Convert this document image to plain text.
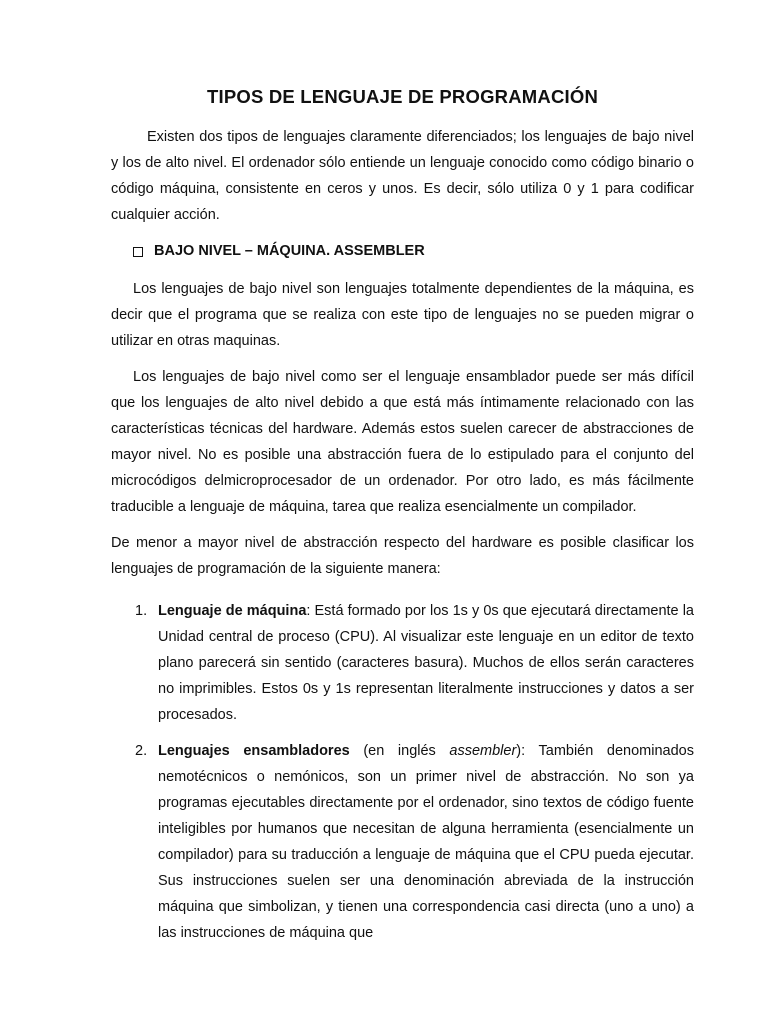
TIPOS DE LENGUAJE DE PROGRAMACIÓN

Existen dos tipos de lenguajes claramente diferenciados; los lenguajes de bajo nivel y los de alto nivel. El ordenador sólo entiende un lenguaje conocido como código binario o código máquina, consistente en ceros y unos. Es decir, sólo utiliza 0 y 1 para codificar cualquier acción.

BAJO NIVEL – MÁQUINA. ASSEMBLER

Los lenguajes de bajo nivel son lenguajes totalmente dependientes de la máquina, es decir que el programa que se realiza con este tipo de lenguajes no se pueden migrar o utilizar en otras maquinas.

Los lenguajes de bajo nivel como ser el lenguaje ensamblador puede ser más difícil que los lenguajes de alto nivel debido a que está más íntimamente relacionado con las características técnicas del hardware. Además estos suelen carecer de abstracciones de mayor nivel. No es posible una abstracción fuera de lo estipulado para el conjunto del microcódigos delmicroprocesador de un ordenador. Por otro lado, es más fácilmente traducible a lenguaje de máquina, tarea que realiza esencialmente un compilador.

De menor a mayor nivel de abstracción respecto del hardware es posible clasificar los lenguajes de programación de la siguiente manera:

1. Lenguaje de máquina: Está formado por los 1s y 0s que ejecutará directamente la Unidad central de proceso (CPU). Al visualizar este lenguaje en un editor de texto plano parecerá sin sentido (caracteres basura). Muchos de ellos serán caracteres no imprimibles. Estos 0s y 1s representan literalmente instrucciones y datos a ser procesados.

2. Lenguajes ensambladores (en inglés assembler): También denominados nemotécnicos o nemónicos, son un primer nivel de abstracción. No son ya programas ejecutables directamente por el ordenador, sino textos de código fuente inteligibles por humanos que necesitan de alguna herramienta (esencialmente un compilador) para su traducción a lenguaje de máquina que el CPU pueda ejecutar. Sus instrucciones suelen ser una denominación abreviada de la instrucción máquina que simbolizan, y tienen una correspondencia casi directa (uno a uno) a las instrucciones de máquina que
